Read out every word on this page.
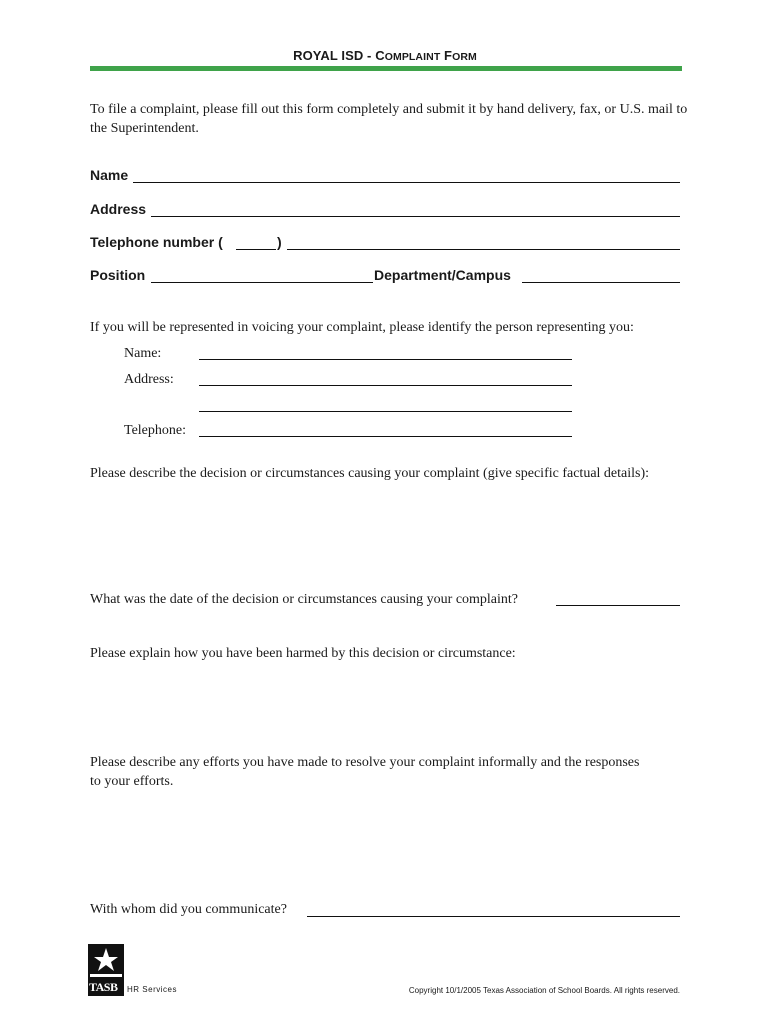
ROYAL ISD - COMPLAINT FORM
To file a complaint, please fill out this form completely and submit it by hand delivery, fax, or U.S. mail to the Superintendent.
Name
Address
Telephone number (	)
Position	Department/Campus
If you will be represented in voicing your complaint, please identify the person representing you:
Name:
Address:
Telephone:
Please describe the decision or circumstances causing your complaint (give specific factual details):
What was the date of the decision or circumstances causing your complaint?
Please explain how you have been harmed by this decision or circumstance:
Please describe any efforts you have made to resolve your complaint informally and the responses to your efforts.
With whom did you communicate?
TASB HR Services	Copyright 10/1/2005 Texas Association of School Boards. All rights reserved.
